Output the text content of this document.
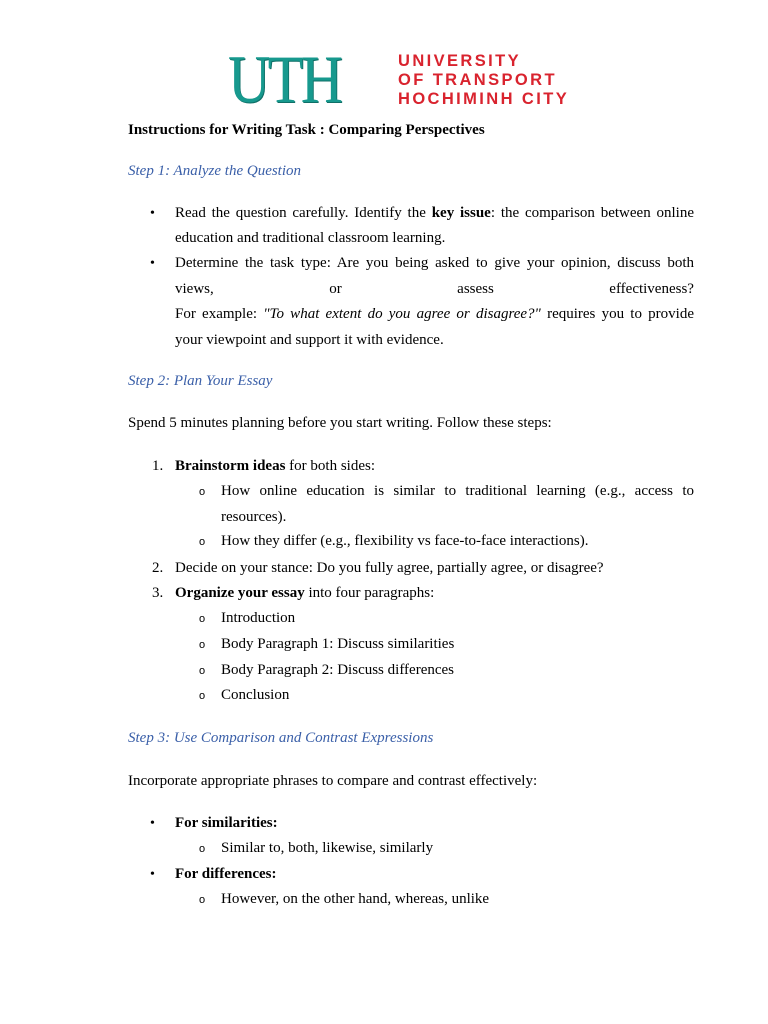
UTH	UNIVERSITY
OF TRANSPORT
HOCHIMINH CITY
Instructions for Writing Task : Comparing Perspectives
Step 1: Analyze the Question
• Read the question carefully. Identify the key issue: the comparison between online
education and traditional classroom learning.
• Determine the task type: Are you being asked to give your opinion, discuss both
views,	or	assess	effectiveness?
For example: "To what extent do you agree or disagree?" requires you to provide
your viewpoint and support it with evidence.
Step 2: Plan Your Essay
Spend 5 minutes planning before you start writing. Follow these steps:
1. Brainstorm ideas for both sides:
o How online education is similar to traditional learning (e.g., access to
resources).
o How they differ (e.g., flexibility vs face-to-face interactions).
2. Decide on your stance: Do you fully agree, partially agree, or disagree?
3. Organize your essay into four paragraphs:
o Introduction
o Body Paragraph 1: Discuss similarities
o Body Paragraph 2: Discuss differences
o Conclusion
Step 3: Use Comparison and Contrast Expressions
Incorporate appropriate phrases to compare and contrast effectively:
• For similarities:
o Similar to, both, likewise, similarly
• For differences:
o However, on the other hand, whereas, unlike
